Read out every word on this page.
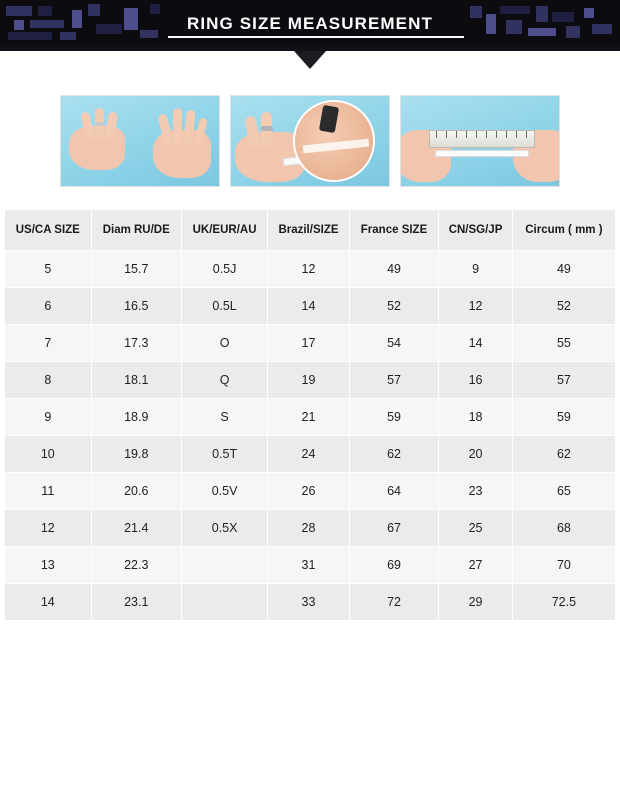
RING SIZE MEASUREMENT
US/CA SIZE	Diam RU/DE	UK/EUR/AU	Brazil/SIZE	France SIZE	CN/SG/JP	Circum ( mm )
5	15.7	0.5J	12	49	9	49
6	16.5	0.5L	14	52	12	52
7	17.3	O	17	54	14	55
8	18.1	Q	19	57	16	57
9	18.9	S	21	59	18	59
10	19.8	0.5T	24	62	20	62
11	20.6	0.5V	26	64	23	65
12	21.4	0.5X	28	67	25	68
13	22.3		31	69	27	70
14	23.1		33	72	29	72.5
